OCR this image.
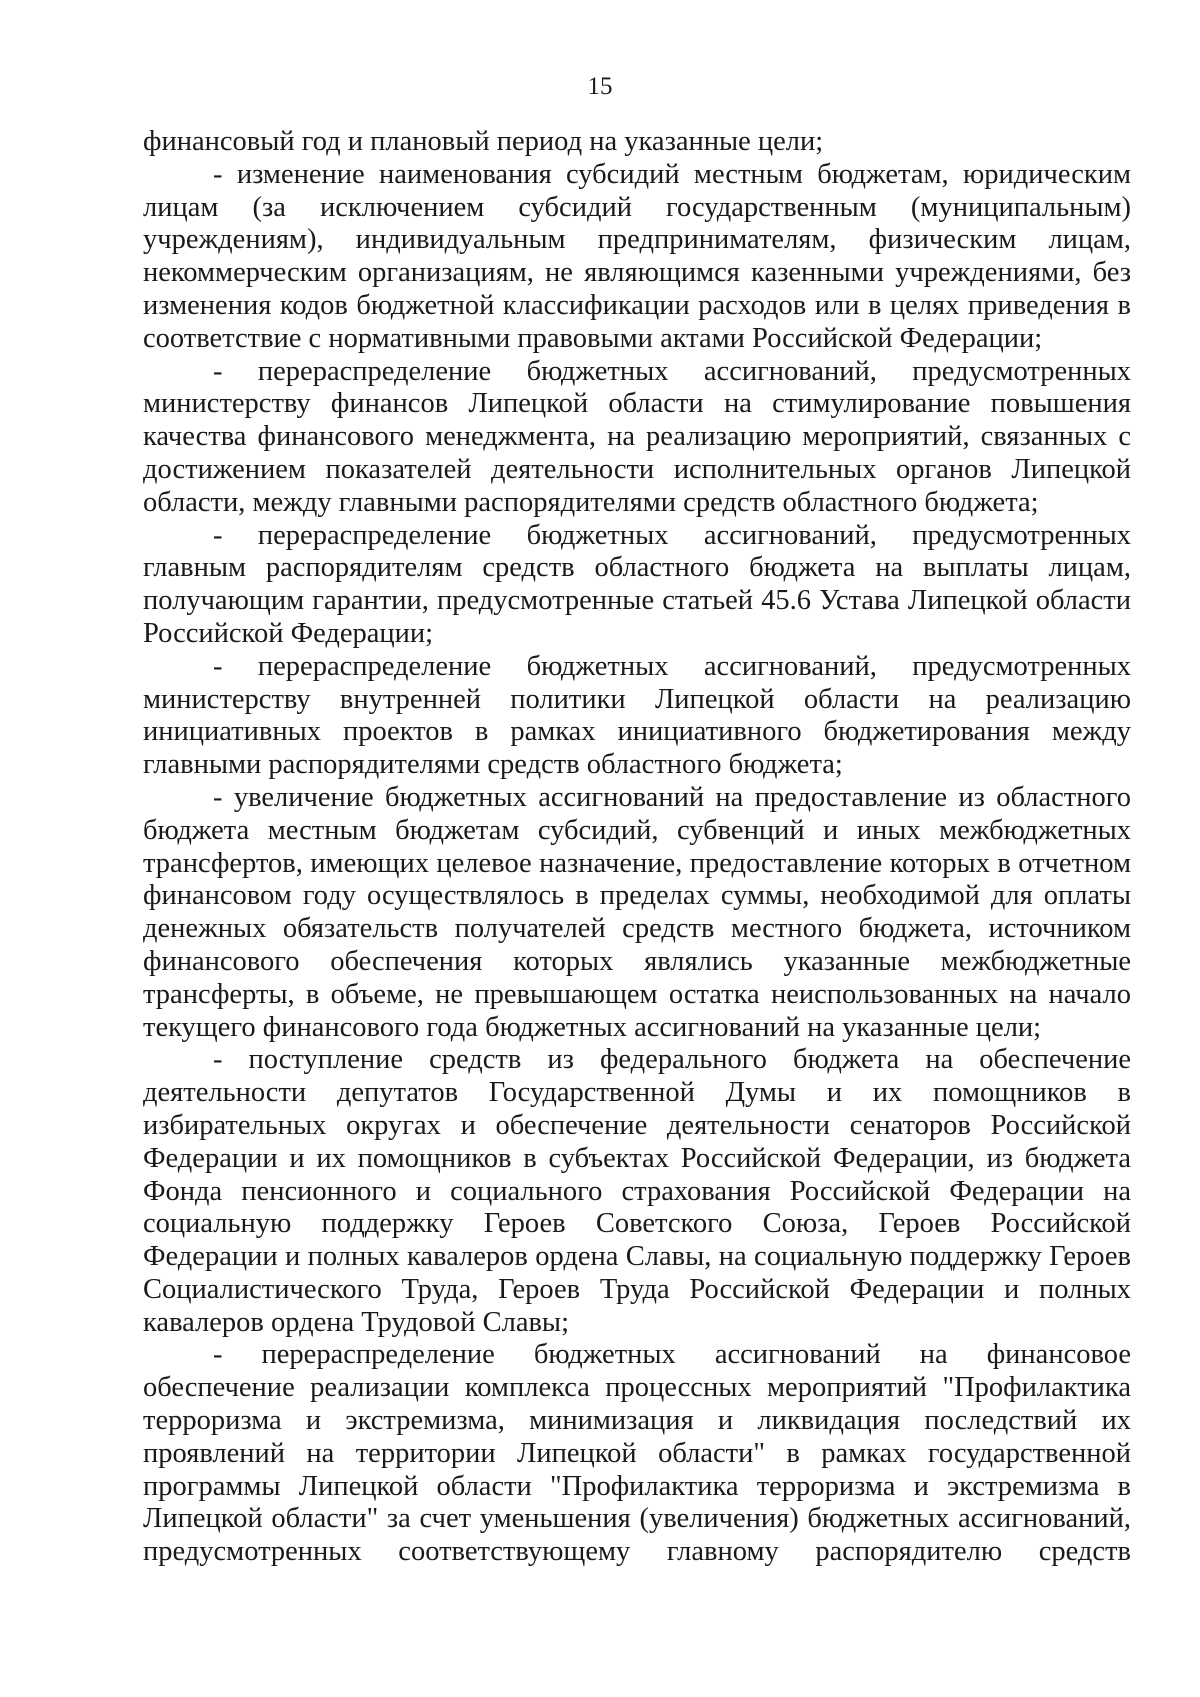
15
финансовый год и плановый период на указанные цели;
- изменение наименования субсидий местным бюджетам, юридическим
лицам (за исключением субсидий государственным (муниципальным)
учреждениям), индивидуальным предпринимателям, физическим лицам,
некоммерческим организациям, не являющимся казенными учреждениями, без
изменения кодов бюджетной классификации расходов или в целях приведения в
соответствие с нормативными правовыми актами Российской Федерации;
- перераспределение бюджетных ассигнований, предусмотренных
министерству финансов Липецкой области на стимулирование повышения
качества финансового менеджмента, на реализацию мероприятий, связанных с
достижением показателей деятельности исполнительных органов Липецкой
области, между главными распорядителями средств областного бюджета;
- перераспределение бюджетных ассигнований, предусмотренных
главным распорядителям средств областного бюджета на выплаты лицам,
получающим гарантии, предусмотренные статьей 45.6 Устава Липецкой области
Российской Федерации;
- перераспределение бюджетных ассигнований, предусмотренных
министерству внутренней политики Липецкой области на реализацию
инициативных проектов в рамках инициативного бюджетирования между
главными распорядителями средств областного бюджета;
- увеличение бюджетных ассигнований на предоставление из областного
бюджета местным бюджетам субсидий, субвенций и иных межбюджетных
трансфертов, имеющих целевое назначение, предоставление которых в отчетном
финансовом году осуществлялось в пределах суммы, необходимой для оплаты
денежных обязательств получателей средств местного бюджета, источником
финансового обеспечения которых являлись указанные межбюджетные
трансферты, в объеме, не превышающем остатка неиспользованных на начало
текущего финансового года бюджетных ассигнований на указанные цели;
- поступление средств из федерального бюджета на обеспечение
деятельности депутатов Государственной Думы и их помощников в
избирательных округах и обеспечение деятельности сенаторов Российской
Федерации и их помощников в субъектах Российской Федерации, из бюджета
Фонда пенсионного и социального страхования Российской Федерации на
социальную поддержку Героев Советского Союза, Героев Российской
Федерации и полных кавалеров ордена Славы, на социальную поддержку Героев
Социалистического Труда, Героев Труда Российской Федерации и полных
кавалеров ордена Трудовой Славы;
- перераспределение бюджетных ассигнований на финансовое
обеспечение реализации комплекса процессных мероприятий "Профилактика
терроризма и экстремизма, минимизация и ликвидация последствий их
проявлений на территории Липецкой области" в рамках государственной
программы Липецкой области "Профилактика терроризма и экстремизма в
Липецкой области" за счет уменьшения (увеличения) бюджетных ассигнований,
предусмотренных соответствующему главному распорядителю средств
